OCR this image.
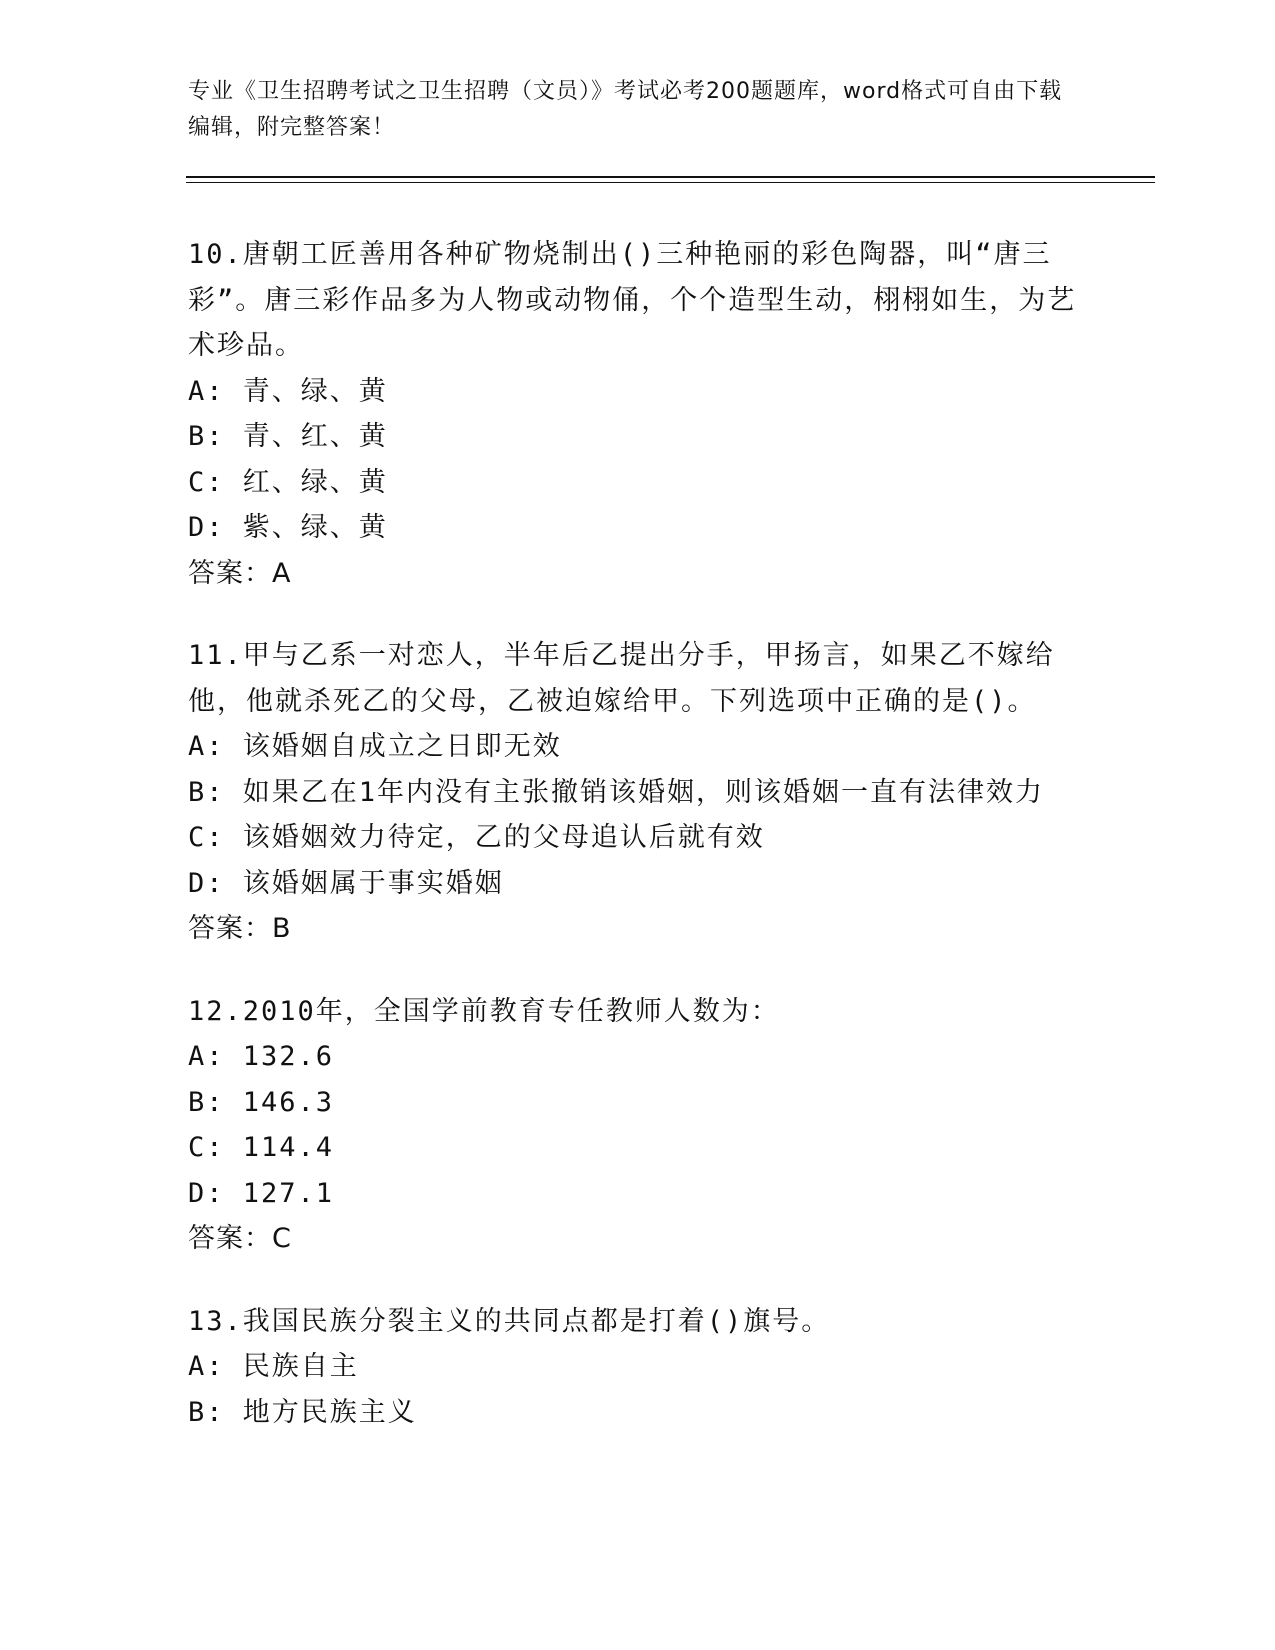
专业《卫生招聘考试之卫生招聘（文员）》考试必考200题题库，word格式可自由下载编辑，附完整答案！
10.唐朝工匠善用各种矿物烧制出()三种艳丽的彩色陶器，叫“唐三彩”。唐三彩作品多为人物或动物俑，个个造型生动，栩栩如生，为艺术珍品。
A: 青、绿、黄
B: 青、红、黄
C: 红、绿、黄
D: 紫、绿、黄
答案：A
11.甲与乙系一对恋人，半年后乙提出分手，甲扬言，如果乙不嫁给他，他就杀死乙的父母，乙被迫嫁给甲。下列选项中正确的是()。
A: 该婚姻自成立之日即无效
B: 如果乙在1年内没有主张撤销该婚姻，则该婚姻一直有法律效力
C: 该婚姻效力待定，乙的父母追认后就有效
D: 该婚姻属于事实婚姻
答案：B
12.2010年，全国学前教育专任教师人数为：
A: 132.6
B: 146.3
C: 114.4
D: 127.1
答案：C
13.我国民族分裂主义的共同点都是打着()旗号。
A: 民族自主
B: 地方民族主义
